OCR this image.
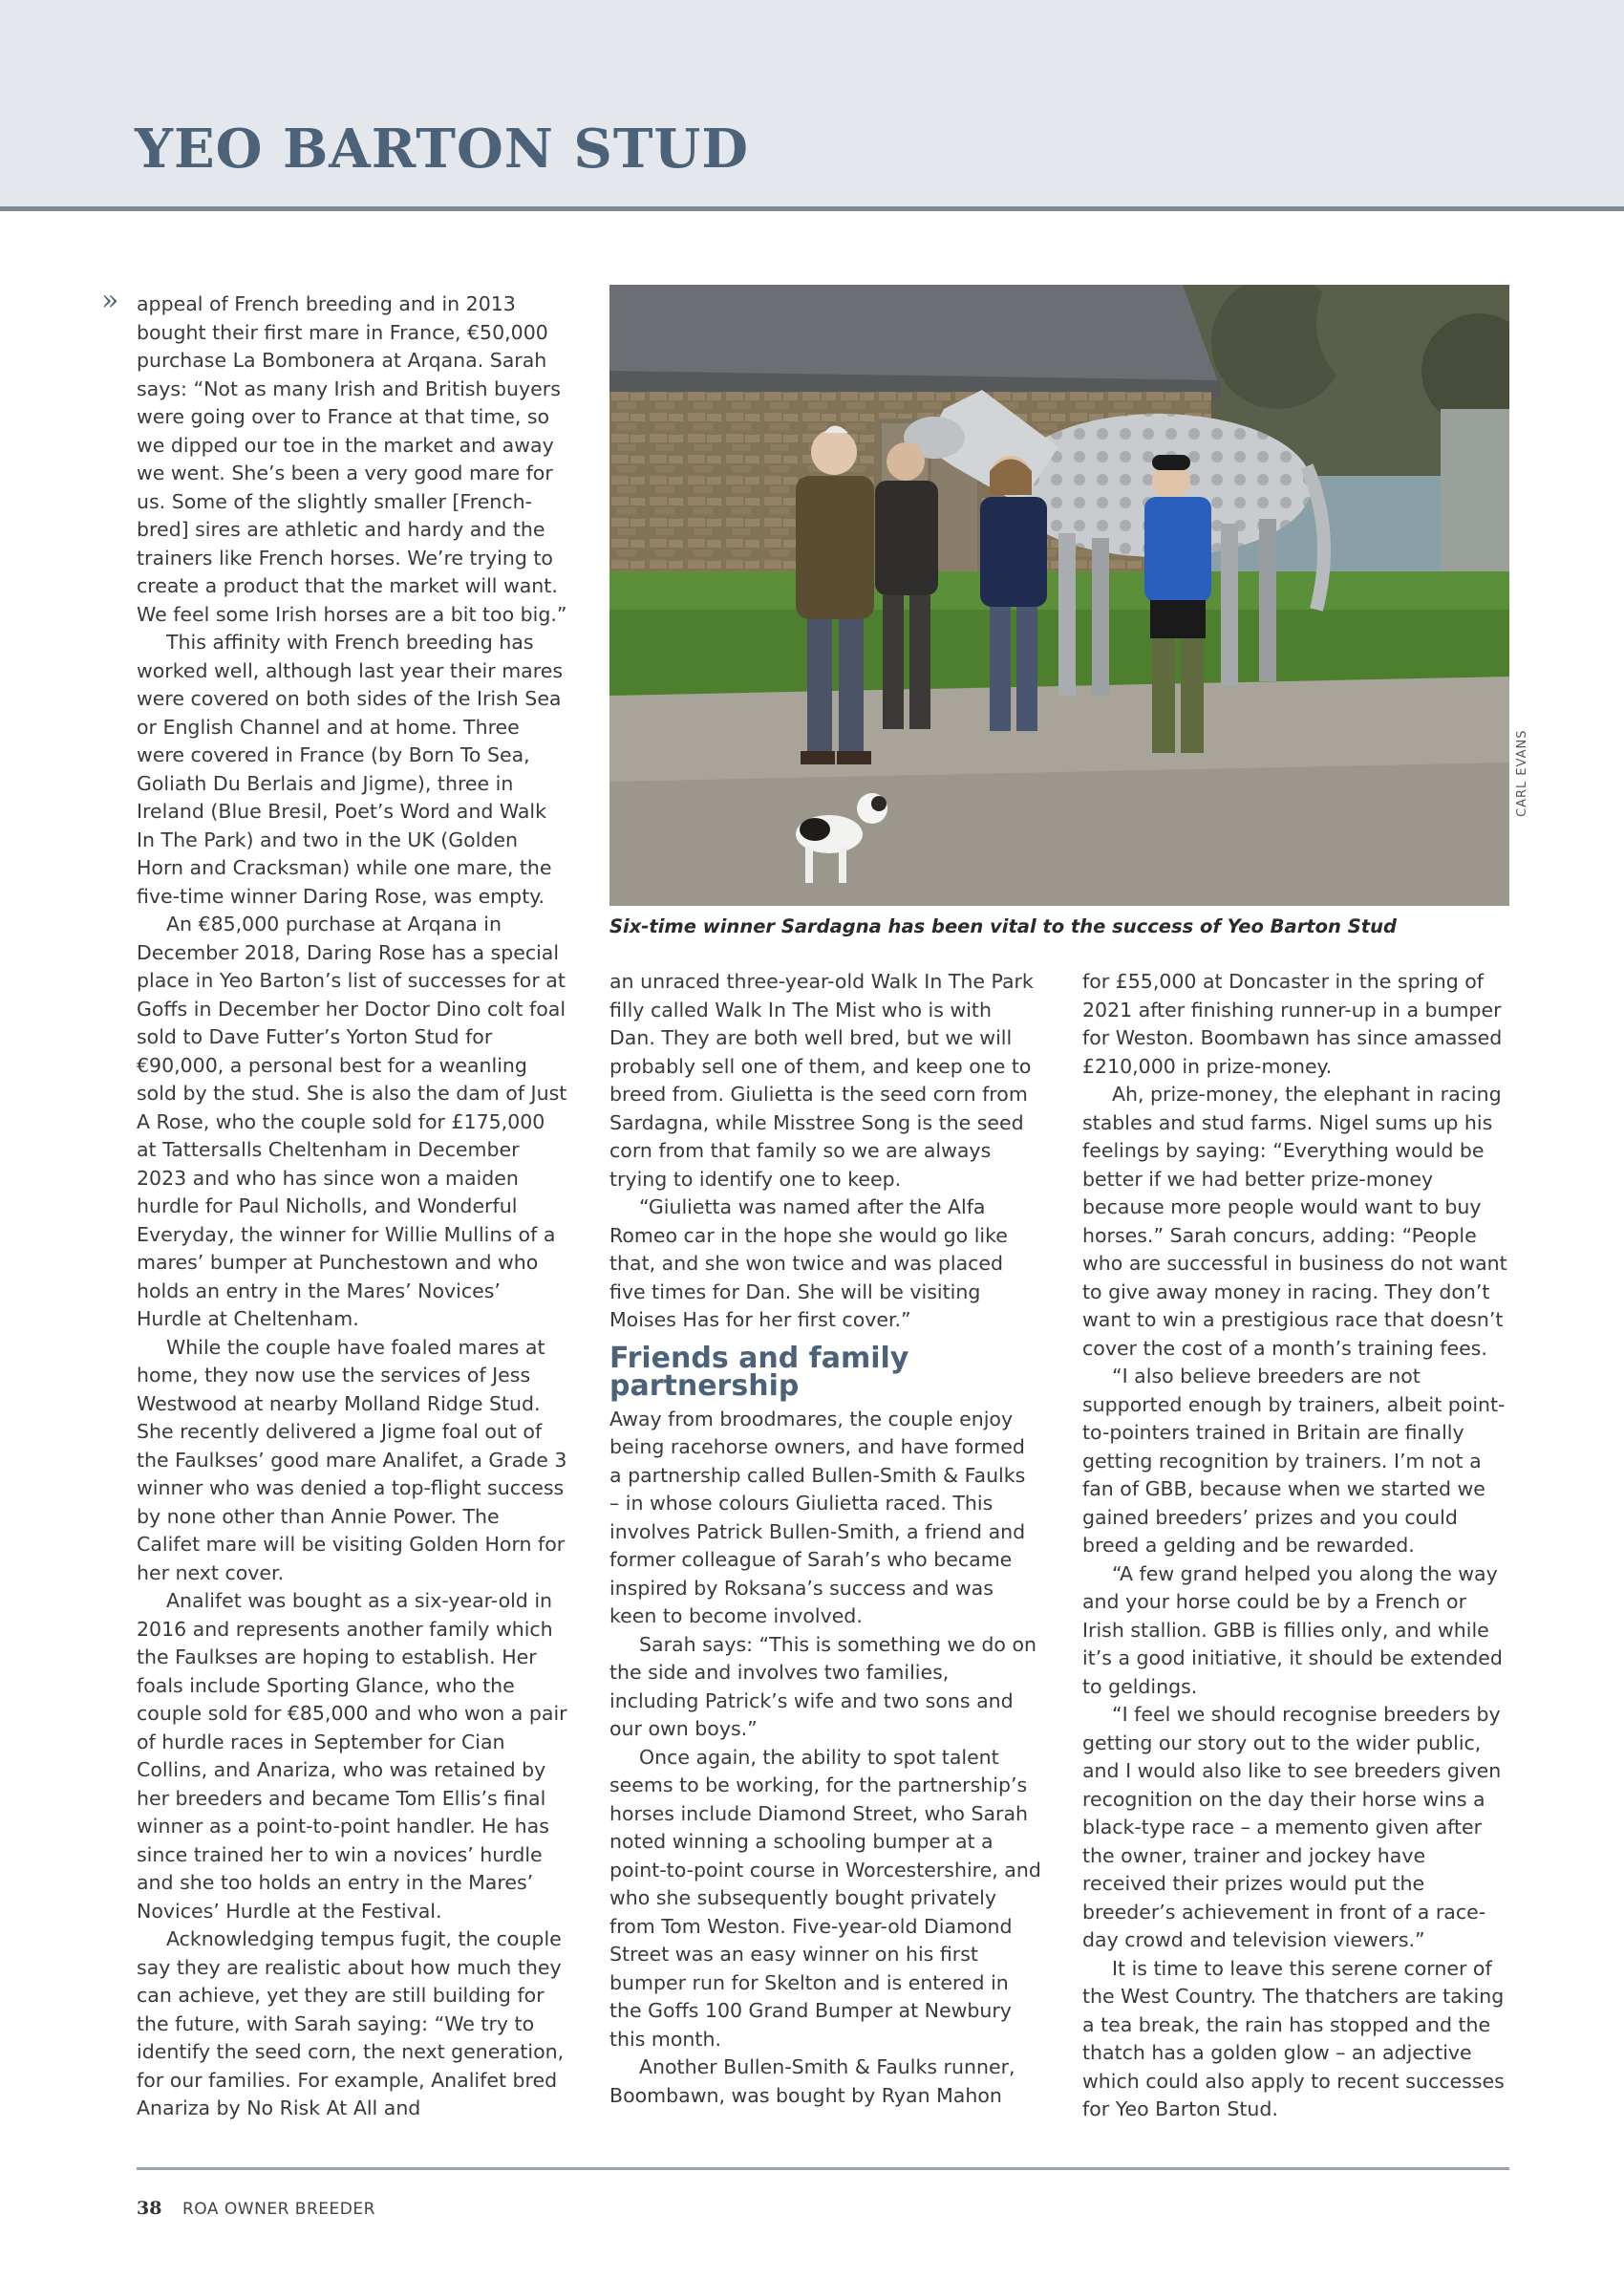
YEO BARTON STUD
» appeal of French breeding and in 2013 bought their first mare in France, €50,000 purchase La Bombonera at Arqana. Sarah says: “Not as many Irish and British buyers were going over to France at that time, so we dipped our toe in the market and away we went. She’s been a very good mare for us. Some of the slightly smaller [French-bred] sires are athletic and hardy and the trainers like French horses. We’re trying to create a product that the market will want. We feel some Irish horses are a bit too big.”

This affinity with French breeding has worked well, although last year their mares were covered on both sides of the Irish Sea or English Channel and at home. Three were covered in France (by Born To Sea, Goliath Du Berlais and Jigme), three in Ireland (Blue Bresil, Poet’s Word and Walk In The Park) and two in the UK (Golden Horn and Cracksman) while one mare, the five-time winner Daring Rose, was empty.

An €85,000 purchase at Arqana in December 2018, Daring Rose has a special place in Yeo Barton’s list of successes for at Goffs in December her Doctor Dino colt foal sold to Dave Futter’s Yorton Stud for €90,000, a personal best for a weanling sold by the stud. She is also the dam of Just A Rose, who the couple sold for £175,000 at Tattersalls Cheltenham in December 2023 and who has since won a maiden hurdle for Paul Nicholls, and Wonderful Everyday, the winner for Willie Mullins of a mares’ bumper at Punchestown and who holds an entry in the Mares’ Novices’ Hurdle at Cheltenham.

While the couple have foaled mares at home, they now use the services of Jess Westwood at nearby Molland Ridge Stud. She recently delivered a Jigme foal out of the Faulkses’ good mare Analifet, a Grade 3 winner who was denied a top-flight success by none other than Annie Power. The Califet mare will be visiting Golden Horn for her next cover.

Analifet was bought as a six-year-old in 2016 and represents another family which the Faulkses are hoping to establish. Her foals include Sporting Glance, who the couple sold for €85,000 and who won a pair of hurdle races in September for Cian Collins, and Anariza, who was retained by her breeders and became Tom Ellis’s final winner as a point-to-point handler. He has since trained her to win a novices’ hurdle and she too holds an entry in the Mares’ Novices’ Hurdle at the Festival.

Acknowledging tempus fugit, the couple say they are realistic about how much they can achieve, yet they are still building for the future, with Sarah saying: “We try to identify the seed corn, the next generation, for our families. For example, Analifet bred Anariza by No Risk At All and

Six-time winner Sardagna has been vital to the success of Yeo Barton Stud
CARL EVANS

an unraced three-year-old Walk In The Park filly called Walk In The Mist who is with Dan. They are both well bred, but we will probably sell one of them, and keep one to breed from. Giulietta is the seed corn from Sardagna, while Misstree Song is the seed corn from that family so we are always trying to identify one to keep.

“Giulietta was named after the Alfa Romeo car in the hope she would go like that, and she won twice and was placed five times for Dan. She will be visiting Moises Has for her first cover.”

Friends and family partnership

Away from broodmares, the couple enjoy being racehorse owners, and have formed a partnership called Bullen-Smith & Faulks – in whose colours Giulietta raced. This involves Patrick Bullen-Smith, a friend and former colleague of Sarah’s who became inspired by Roksana’s success and was keen to become involved.

Sarah says: “This is something we do on the side and involves two families, including Patrick’s wife and two sons and our own boys.”

Once again, the ability to spot talent seems to be working, for the partnership’s horses include Diamond Street, who Sarah noted winning a schooling bumper at a point-to-point course in Worcestershire, and who she subsequently bought privately from Tom Weston. Five-year-old Diamond Street was an easy winner on his first bumper run for Skelton and is entered in the Goffs 100 Grand Bumper at Newbury this month.

Another Bullen-Smith & Faulks runner, Boombawn, was bought by Ryan Mahon

for £55,000 at Doncaster in the spring of 2021 after finishing runner-up in a bumper for Weston. Boombawn has since amassed £210,000 in prize-money.

Ah, prize-money, the elephant in racing stables and stud farms. Nigel sums up his feelings by saying: “Everything would be better if we had better prize-money because more people would want to buy horses.” Sarah concurs, adding: “People who are successful in business do not want to give away money in racing. They don’t want to win a prestigious race that doesn’t cover the cost of a month’s training fees.

“I also believe breeders are not supported enough by trainers, albeit point-to-pointers trained in Britain are finally getting recognition by trainers. I’m not a fan of GBB, because when we started we gained breeders’ prizes and you could breed a gelding and be rewarded.

“A few grand helped you along the way and your horse could be by a French or Irish stallion. GBB is fillies only, and while it’s a good initiative, it should be extended to geldings.

“I feel we should recognise breeders by getting our story out to the wider public, and I would also like to see breeders given recognition on the day their horse wins a black-type race – a memento given after the owner, trainer and jockey have received their prizes would put the breeder’s achievement in front of a race-day crowd and television viewers.”

It is time to leave this serene corner of the West Country. The thatchers are taking a tea break, the rain has stopped and the thatch has a golden glow – an adjective which could also apply to recent successes for Yeo Barton Stud.

38 ROA OWNER BREEDER
